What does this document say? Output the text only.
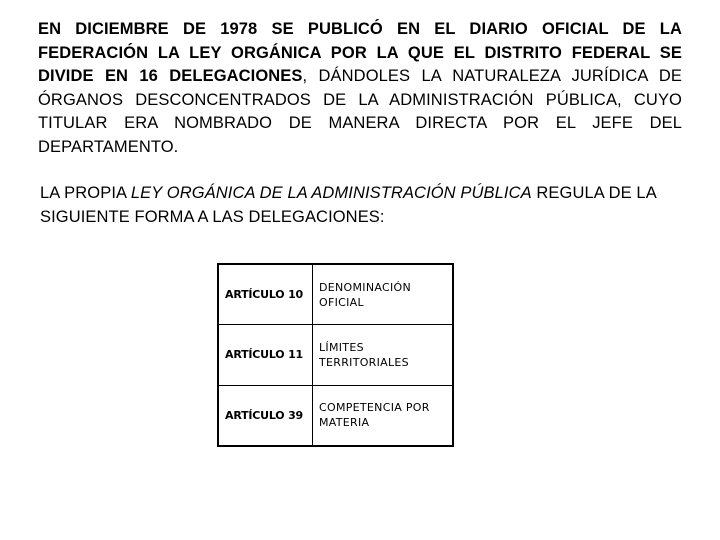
EN DICIEMBRE DE 1978 SE PUBLICÓ EN EL DIARIO OFICIAL DE LA FEDERACIÓN LA LEY ORGÁNICA POR LA QUE EL DISTRITO FEDERAL SE DIVIDE EN 16 DELEGACIONES, DÁNDOLES LA NATURALEZA JURÍDICA DE ÓRGANOS DESCONCENTRADOS DE LA ADMINISTRACIÓN PÚBLICA, CUYO TITULAR ERA NOMBRADO DE MANERA DIRECTA POR EL JEFE DEL DEPARTAMENTO.
LA PROPIA LEY ORGÁNICA DE LA ADMINISTRACIÓN PÚBLICA REGULA DE LA SIGUIENTE FORMA A LAS DELEGACIONES:
ARTÍCULO 10	DENOMINACIÓN OFICIAL
ARTÍCULO 11	LÍMITES TERRITORIALES
ARTÍCULO 39	COMPETENCIA POR MATERIA
